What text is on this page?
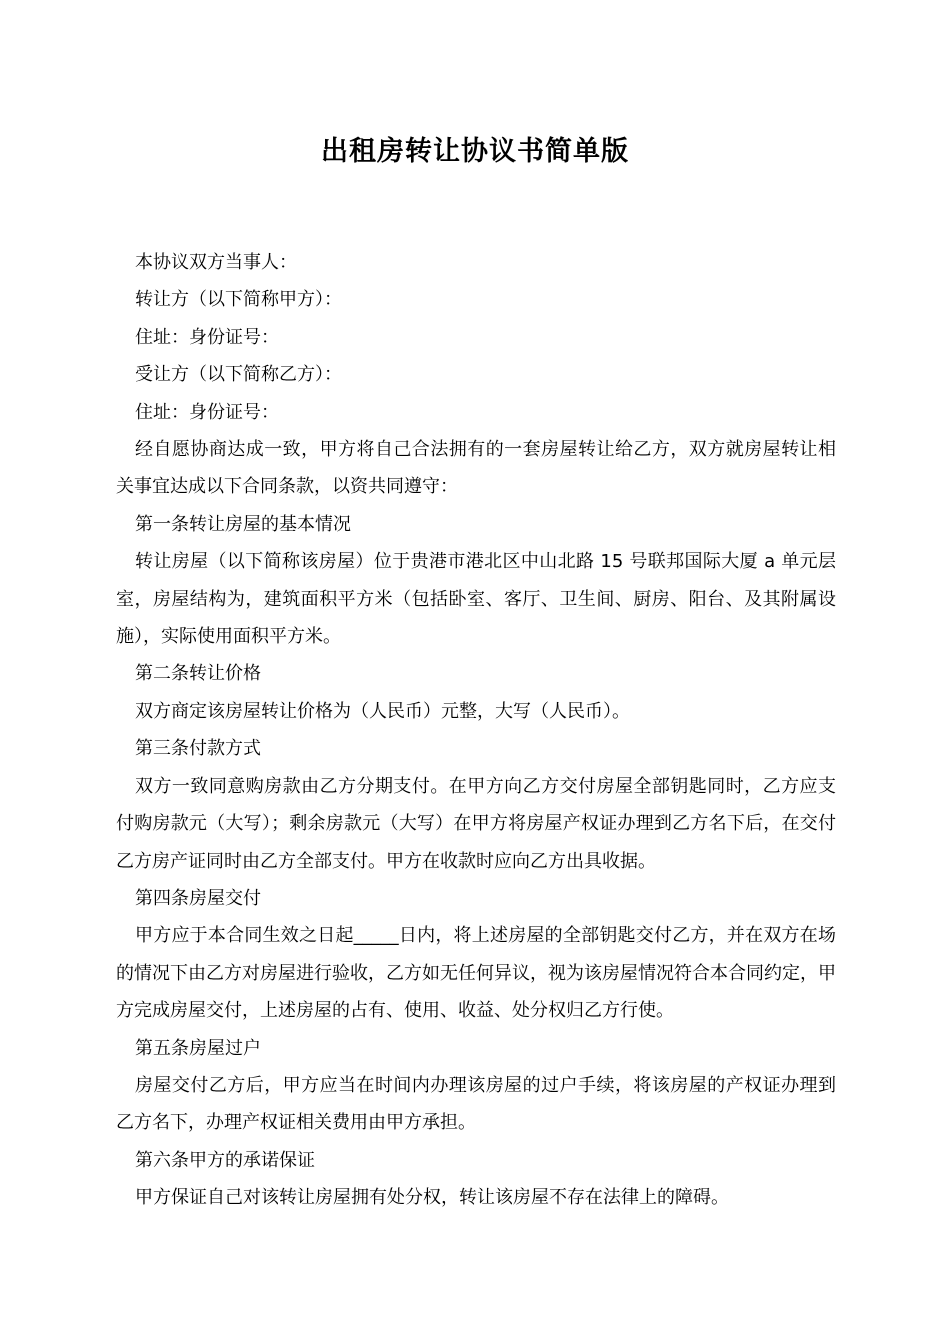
出租房转让协议书简单版

本协议双方当事人：

转让方（以下简称甲方）：

住址：身份证号：

受让方（以下简称乙方）：

住址：身份证号：

经自愿协商达成一致，甲方将自己合法拥有的一套房屋转让给乙方，双方就房屋转让相关事宜达成以下合同条款，以资共同遵守：

第一条转让房屋的基本情况

转让房屋（以下简称该房屋）位于贵港市港北区中山北路 15 号联邦国际大厦 a 单元层室，房屋结构为，建筑面积平方米（包括卧室、客厅、卫生间、厨房、阳台、及其附属设施），实际使用面积平方米。

第二条转让价格

双方商定该房屋转让价格为（人民币）元整，大写（人民币）。

第三条付款方式

双方一致同意购房款由乙方分期支付。在甲方向乙方交付房屋全部钥匙同时，乙方应支付购房款元（大写）；剩余房款元（大写）在甲方将房屋产权证办理到乙方名下后，在交付乙方房产证同时由乙方全部支付。甲方在收款时应向乙方出具收据。

第四条房屋交付

甲方应于本合同生效之日起_____日内，将上述房屋的全部钥匙交付乙方，并在双方在场的情况下由乙方对房屋进行验收，乙方如无任何异议，视为该房屋情况符合本合同约定，甲方完成房屋交付，上述房屋的占有、使用、收益、处分权归乙方行使。

第五条房屋过户

房屋交付乙方后，甲方应当在时间内办理该房屋的过户手续，将该房屋的产权证办理到乙方名下，办理产权证相关费用由甲方承担。

第六条甲方的承诺保证

甲方保证自己对该转让房屋拥有处分权，转让该房屋不存在法律上的障碍。
